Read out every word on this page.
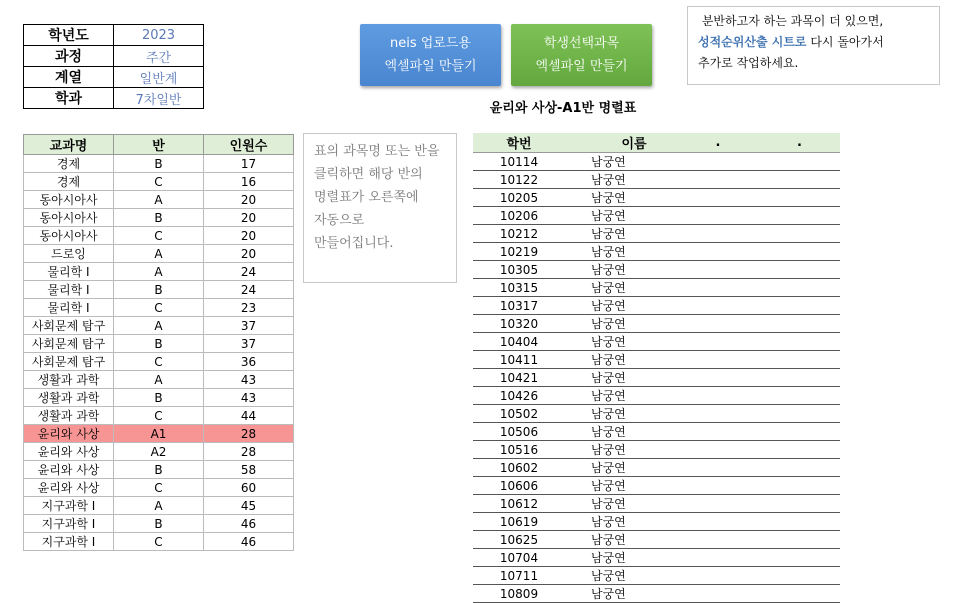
학년도	2023
과정	주간
계열	일반계
학과	7차일반
neis 업로드용
엑셀파일 만들기
학생선택과목
엑셀파일 만들기
분반하고자 하는 과목이 더 있으면,
성적순위산출 시트로 다시 돌아가서
추가로 작업하세요.
윤리와 사상-A1반 명렬표
교과명	반	인원수
경제	B	17
경제	C	16
동아시아사	A	20
동아시아사	B	20
동아시아사	C	20
드로잉	A	20
물리학 I	A	24
물리학 I	B	24
물리학 I	C	23
사회문제 탐구	A	37
사회문제 탐구	B	37
사회문제 탐구	C	36
생활과 과학	A	43
생활과 과학	B	43
생활과 과학	C	44
윤리와 사상	A1	28
윤리와 사상	A2	28
윤리와 사상	B	58
윤리와 사상	C	60
지구과학 I	A	45
지구과학 I	B	46
지구과학 I	C	46
표의 과목명 또는 반을
클릭하면 해당 반의
명렬표가 오른쪽에
자동으로
만들어집니다.
학번	이름	.	.
10114	남궁연		
10122	남궁연		
10205	남궁연		
10206	남궁연		
10212	남궁연		
10219	남궁연		
10305	남궁연		
10315	남궁연		
10317	남궁연		
10320	남궁연		
10404	남궁연		
10411	남궁연		
10421	남궁연		
10426	남궁연		
10502	남궁연		
10506	남궁연		
10516	남궁연		
10602	남궁연		
10606	남궁연		
10612	남궁연		
10619	남궁연		
10625	남궁연		
10704	남궁연		
10711	남궁연		
10809	남궁연		
